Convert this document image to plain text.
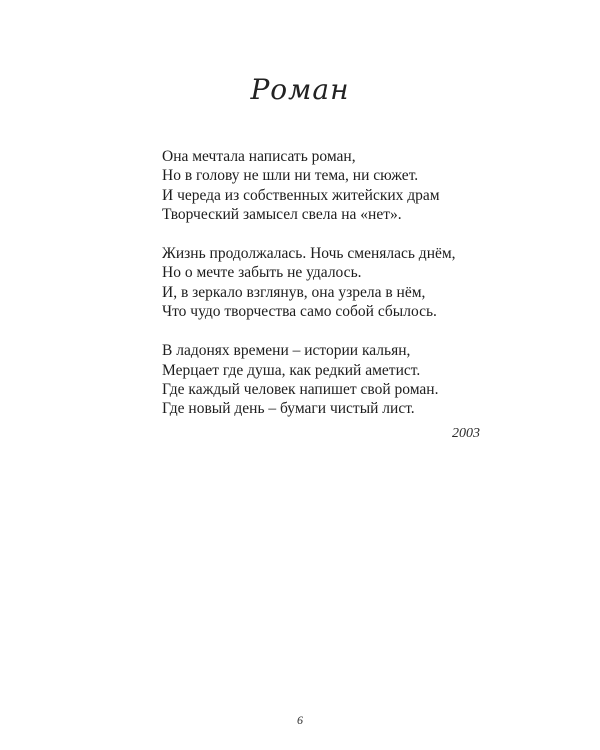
Роман
Она мечтала написать роман,
Но в голову не шли ни тема, ни сюжет.
И череда из собственных житейских драм
Творческий замысел свела на «нет».
Жизнь продолжалась. Ночь сменялась днём,
Но о мечте забыть не удалось.
И, в зеркало взглянув, она узрела в нём,
Что чудо творчества само собой сбылось.
В ладонях времени – истории кальян,
Мерцает где душа, как редкий аметист.
Где каждый человек напишет свой роман.
Где новый день – бумаги чистый лист.
2003
6
